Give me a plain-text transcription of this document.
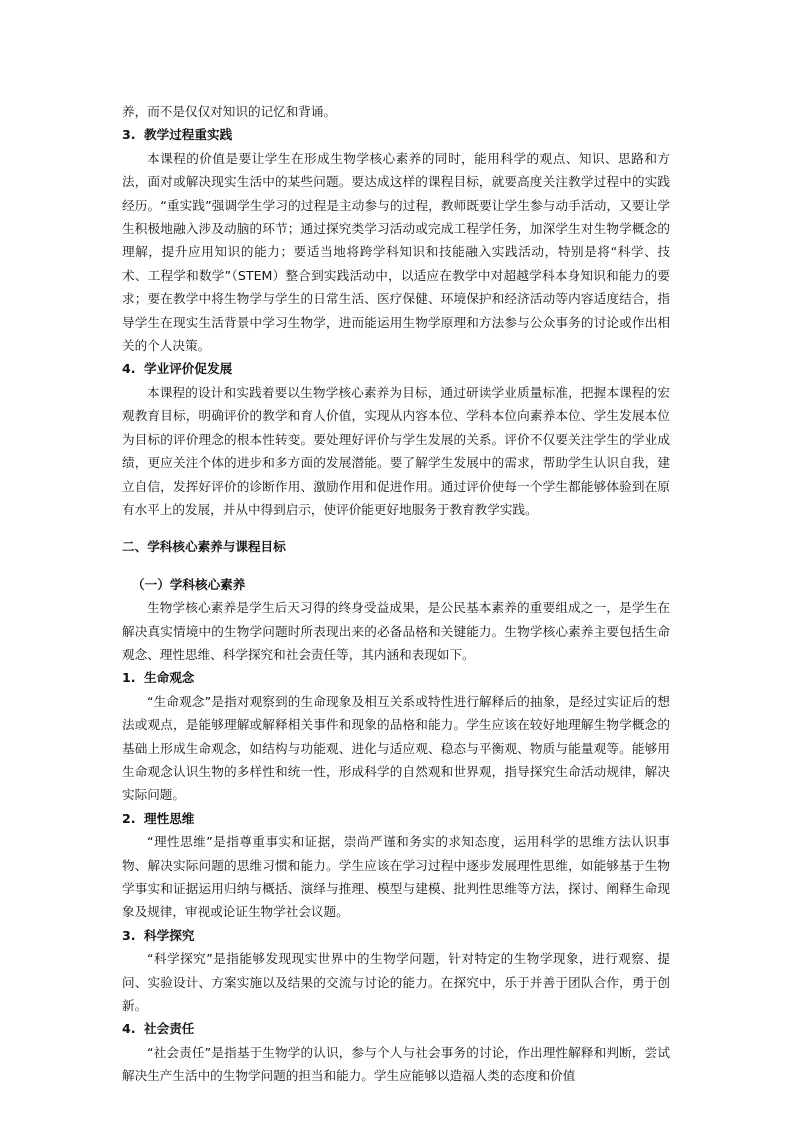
养，而不是仅仅对知识的记忆和背诵。

3. 教学过程重实践

本课程的价值是要让学生在形成生物学核心素养的同时，能用科学的观点、知识、思路和方法，面对或解决现实生活中的某些问题。要达成这样的课程目标，就要高度关注教学过程中的实践经历。“重实践”强调学生学习的过程是主动参与的过程，教师既要让学生参与动手活动，又要让学生积极地融入涉及动脑的环节；通过探究类学习活动或完成工程学任务，加深学生对生物学概念的理解，提升应用知识的能力；要适当地将跨学科知识和技能融入实践活动，特别是将“科学、技术、工程学和数学”（STEM）整合到实践活动中，以适应在教学中对超越学科本身知识和能力的要求；要在教学中将生物学与学生的日常生活、医疗保健、环境保护和经济活动等内容适度结合，指导学生在现实生活背景中学习生物学，进而能运用生物学原理和方法参与公众事务的讨论或作出相关的个人决策。

4. 学业评价促发展

本课程的设计和实践着要以生物学核心素养为目标，通过研读学业质量标准，把握本课程的宏观教育目标，明确评价的教学和育人价值，实现从内容本位、学科本位向素养本位、学生发展本位为目标的评价理念的根本性转变。要处理好评价与学生发展的关系。评价不仅要关注学生的学业成绩，更应关注个体的进步和多方面的发展潜能。要了解学生发展中的需求，帮助学生认识自我，建立自信，发挥好评价的诊断作用、激励作用和促进作用。通过评价使每一个学生都能够体验到在原有水平上的发展，并从中得到启示，使评价能更好地服务于教育教学实践。

二、学科核心素养与课程目标
（一）学科核心素养

生物学核心素养是学生后天习得的终身受益成果，是公民基本素养的重要组成之一，是学生在解决真实情境中的生物学问题时所表现出来的必备品格和关键能力。生物学核心素养主要包括生命观念、理性思维、科学探究和社会责任等，其内涵和表现如下。

1. 生命观念

“生命观念”是指对观察到的生命现象及相互关系或特性进行解释后的抽象，是经过实证后的想法或观点，是能够理解或解释相关事件和现象的品格和能力。学生应该在较好地理解生物学概念的基础上形成生命观念，如结构与功能观、进化与适应观、稳态与平衡观、物质与能量观等。能够用生命观念认识生物的多样性和统一性，形成科学的自然观和世界观，指导探究生命活动规律，解决实际问题。

2. 理性思维

“理性思维”是指尊重事实和证据，崇尚严谨和务实的求知态度，运用科学的思维方法认识事物、解决实际问题的思维习惯和能力。学生应该在学习过程中逐步发展理性思维，如能够基于生物学事实和证据运用归纳与概括、演绎与推理、模型与建模、批判性思维等方法，探讨、阐释生命现象及规律，审视或论证生物学社会议题。

3. 科学探究

“科学探究”是指能够发现现实世界中的生物学问题，针对特定的生物学现象，进行观察、提问、实验设计、方案实施以及结果的交流与讨论的能力。在探究中，乐于并善于团队合作，勇于创新。

4. 社会责任

“社会责任”是指基于生物学的认识，参与个人与社会事务的讨论，作出理性解释和判断，尝试解决生产生活中的生物学问题的担当和能力。学生应能够以造福人类的态度和价值
